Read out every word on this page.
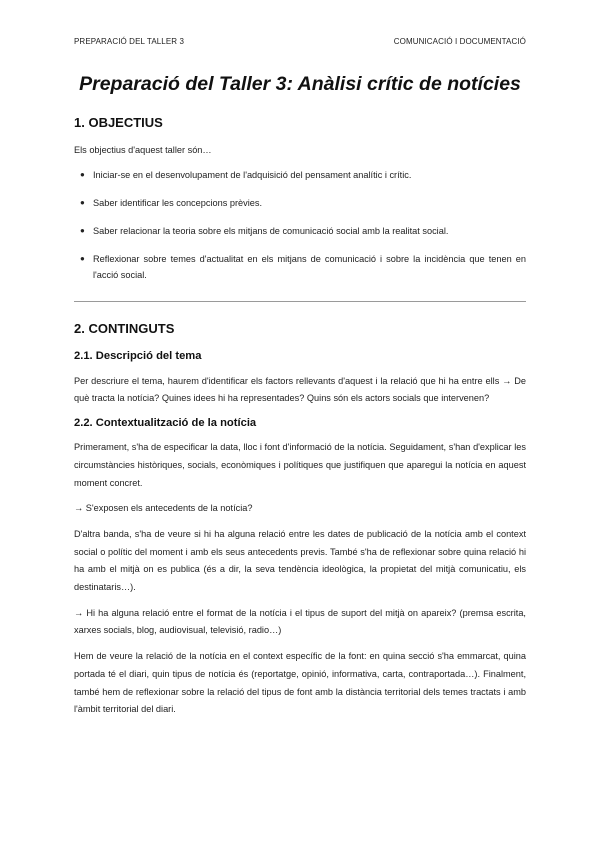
PREPARACIÓ DEL TALLER 3	COMUNICACIÓ I DOCUMENTACIÓ
Preparació del Taller 3: Anàlisi crític de notícies
1. OBJECTIUS

Els objectius d'aquest taller són…

● Iniciar-se en el desenvolupament de l'adquisició del pensament analític i crític.
● Saber identificar les concepcions prèvies.
● Saber relacionar la teoria sobre els mitjans de comunicació social amb la realitat social.
● Reflexionar sobre temes d'actualitat en els mitjans de comunicació i sobre la incidència que tenen en l'acció social.
2. CONTINGUTS
2.1. Descripció del tema

Per descriure el tema, haurem d'identificar els factors rellevants d'aquest i la relació que hi ha entre ells → De què tracta la notícia? Quines idees hi ha representades? Quins són els actors socials que intervenen?

2.2. Contextualització de la notícia

Primerament, s'ha de especificar la data, lloc i font d'informació de la notícia. Seguidament, s'han d'explicar les circumstàncies històriques, socials, econòmiques i polítiques que justifiquen que aparegui la notícia en aquest moment concret.

→ S'exposen els antecedents de la notícia?

D'altra banda, s'ha de veure si hi ha alguna relació entre les dates de publicació de la notícia amb el context social o polític del moment i amb els seus antecedents previs. També s'ha de reflexionar sobre quina relació hi ha amb el mitjà on es publica (és a dir, la seva tendència ideològica, la propietat del mitjà comunicatiu, els destinataris…).

→ Hi ha alguna relació entre el format de la notícia i el tipus de suport del mitjà on apareix? (premsa escrita, xarxes socials, blog, audiovisual, televisió, radio…)

Hem de veure la relació de la notícia en el context específic de la font: en quina secció s'ha emmarcat, quina portada té el diari, quin tipus de notícia és (reportatge, opinió, informativa, carta, contraportada…). Finalment, també hem de reflexionar sobre la relació del tipus de font amb la distància territorial dels temes tractats i amb l'àmbit territorial del diari.
